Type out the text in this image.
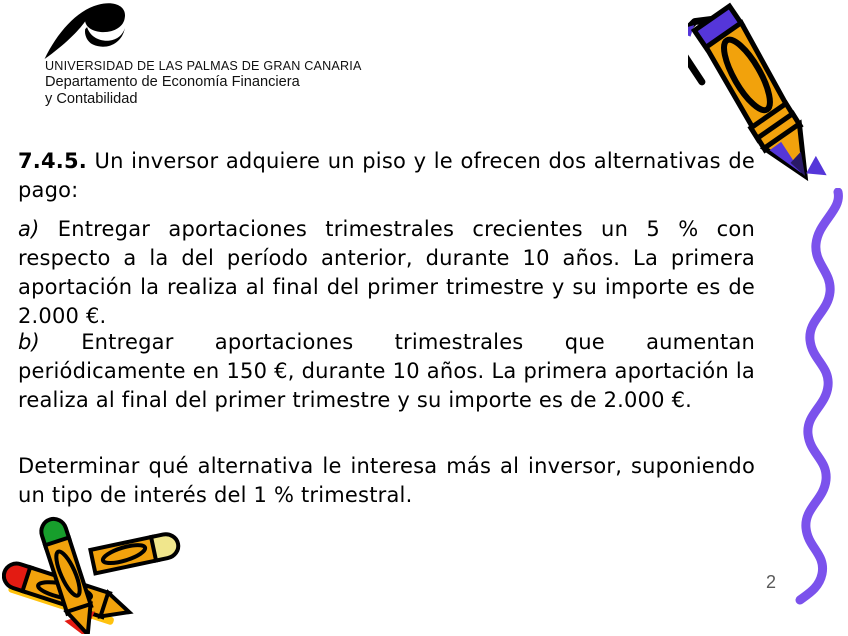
UNIVERSIDAD DE LAS PALMAS DE GRAN CANARIA
Departamento de Economía Financiera
y Contabilidad

7.4.5. Un inversor adquiere un piso y le ofrecen dos alternativas de pago:

a) Entregar aportaciones trimestrales crecientes un 5 % con respecto a la del período anterior, durante 10 años. La primera aportación la realiza al final del primer trimestre y su importe es de 2.000 €.

b) Entregar aportaciones trimestrales que aumentan periódicamente en 150 €, durante 10 años. La primera aportación la realiza al final del primer trimestre y su importe es de 2.000 €.

Determinar qué alternativa le interesa más al inversor, suponiendo un tipo de interés del 1 % trimestral.

2
